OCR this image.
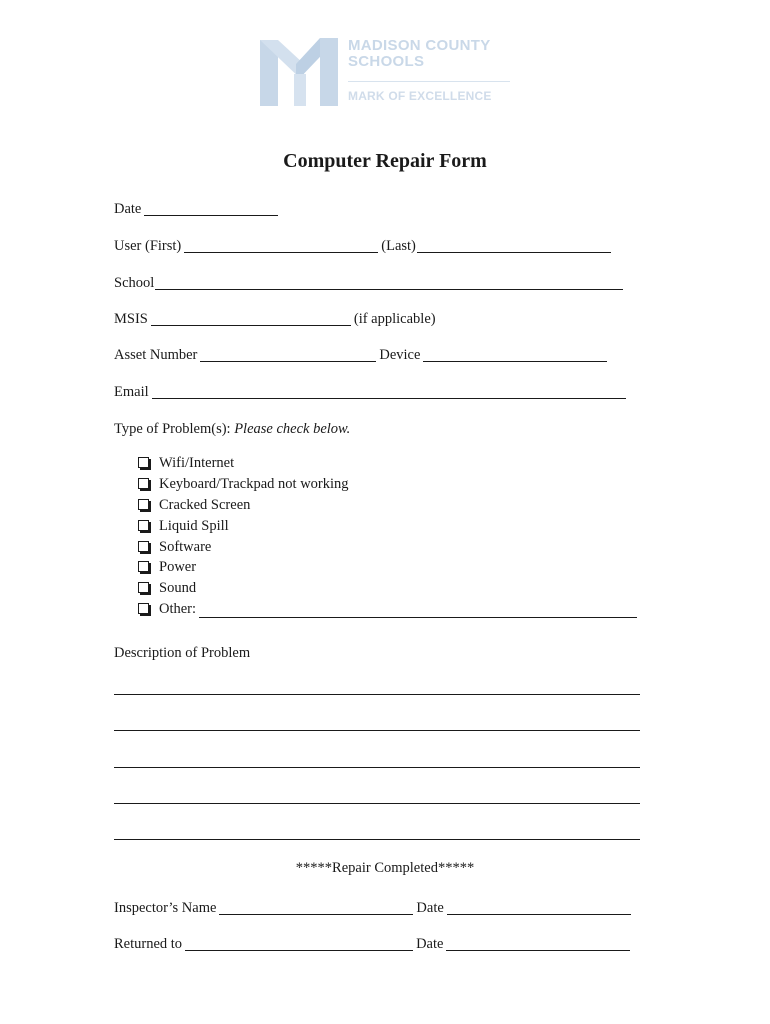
MADISON COUNTY
SCHOOLS
MARK OF EXCELLENCE
Computer Repair Form
Date
User (First)	(Last)
School
MSIS	(if applicable)
Asset Number	Device
Email
Type of Problem(s):
Please check below.
Wifi/Internet
Keyboard/Trackpad not working
Cracked Screen
Liquid Spill
Software
Power
Sound
Other:
Description of Problem
*****Repair Completed*****
Inspector’s Name	Date
Returned to	Date
